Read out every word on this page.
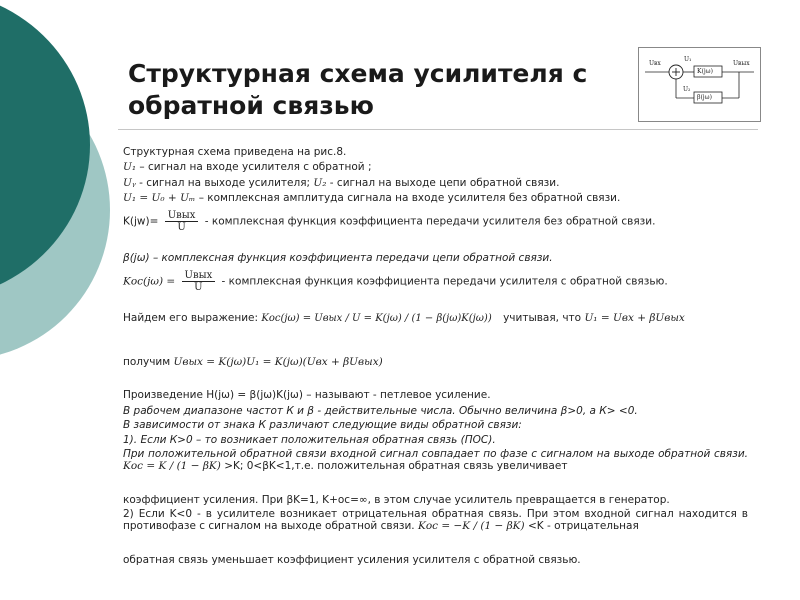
Структурная схема усилителя с обратной связью
Uвх
U₁
Uвых
U₂
K(jω)
β(jω)
Структурная схема приведена на рис.8.
U₁ – сигнал на входе усилителя с обратной ;
Uᵧ - сигнал на выходе усилителя; U₂ - сигнал на выходе цепи обратной связи.
U₁ = U₀ + Uₘ – комплексная амплитуда сигнала на входе усилителя без обратной связи.
$K(jw)= \frac{\text{Uвых}}{U}$ - комплексная функция коэффициента передачи усилителя без обратной связи.
β(jω) – комплексная функция коэффициента передачи цепи обратной связи.
$Kос(j\omega) = \frac{\text{Uвых}}{U}$ - комплексная функция коэффициента передачи усилителя с обратной связью.
Найдем его выражение: Kос(jω) = Uвых / U = K(jω) / (1 − β(jω)K(jω)) учитывая, что U₁ = Uвх + βUвых
получим Uвых = K(jω)U₁ = K(jω)(Uвх + βUвых)
Произведение H(jω) = β(jω)K(jω) – называют - петлевое усиление.
В рабочем диапазоне частот К и β - действительные числа. Обычно величина β>0, а К> <0.
В зависимости от знака К различают следующие виды обратной связи:
1). Если К>0 – то возникает положительная обратная связь (ПОС).
При положительной обратной связи входной сигнал совпадает по фазе с сигналом на выходе обратной связи. Kос = K / (1 − βK) >K; 0<βK<1,т.е. положительная обратная связь увеличивает
коэффициент усиления. При βK=1, K+ос=∞, в этом случае усилитель превращается в генератор.
2) Если K<0 - в усилителе возникает отрицательная обратная связь. При этом входной сигнал находится в противофазе с сигналом на выходе обратной связи. Kос = −K / (1 − βK) <K - отрицательная
обратная связь уменьшает коэффициент усиления усилителя с обратной связью.
